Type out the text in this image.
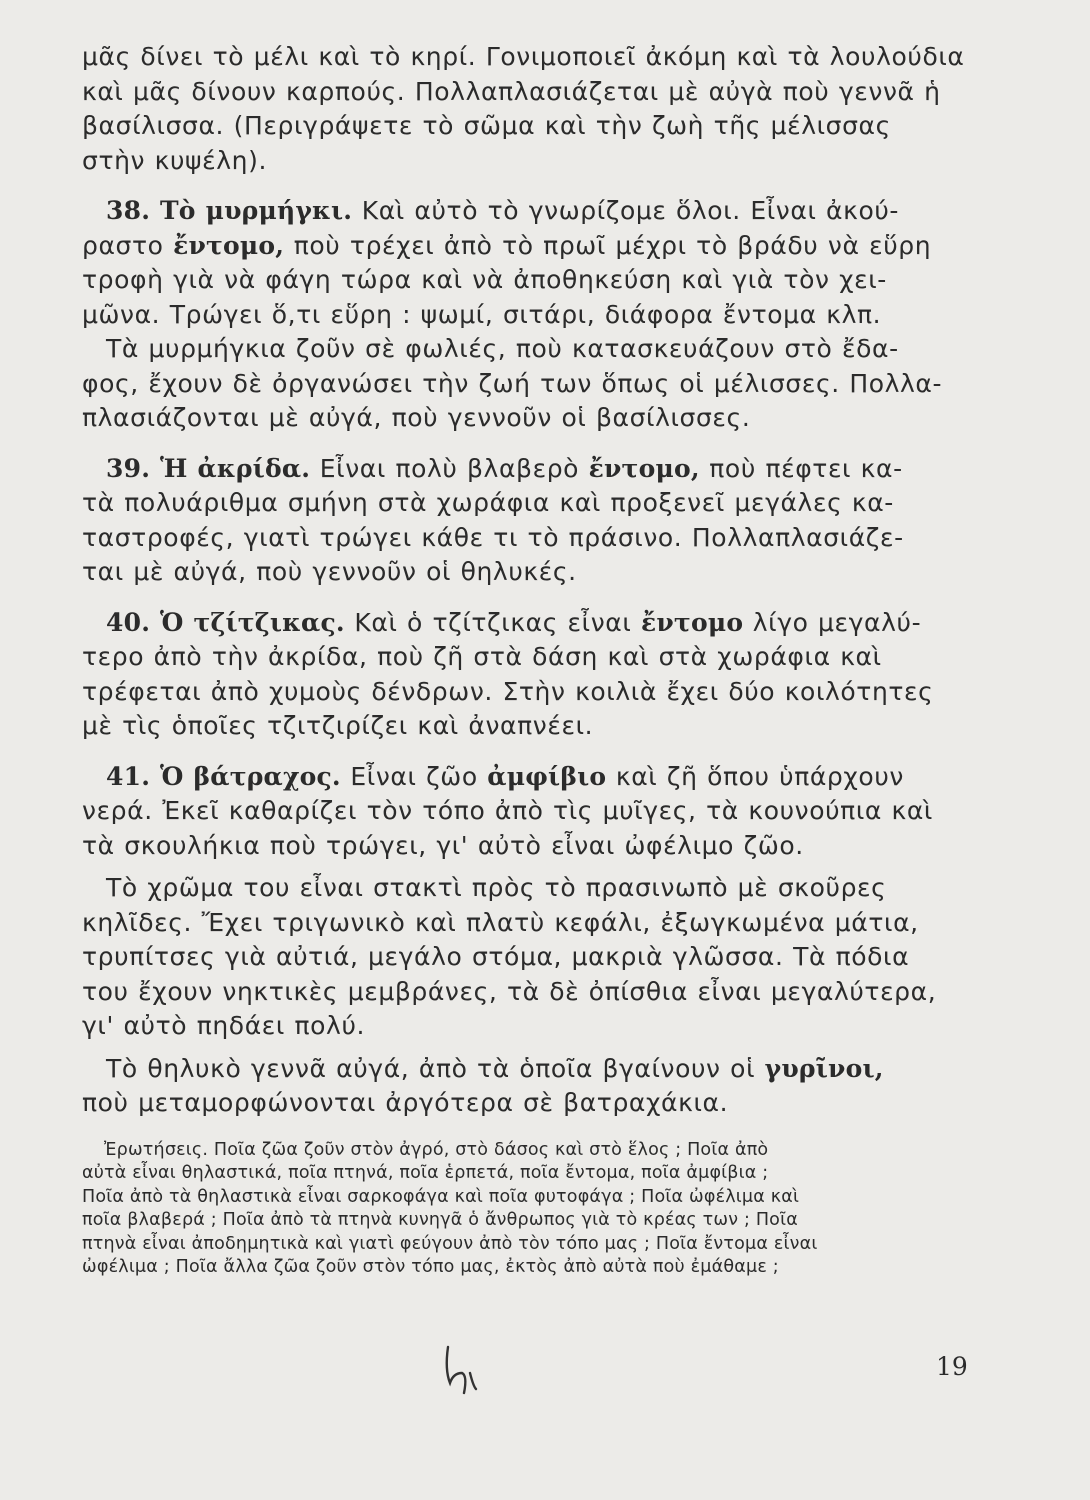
μᾶς δίνει τὸ μέλι καὶ τὸ κηρί. Γονιμοποιεῖ ἀκόμη καὶ τὰ λουλούδια
καὶ μᾶς δίνουν καρπούς. Πολλαπλασιάζεται μὲ αὐγὰ ποὺ γεννᾶ ἡ
βασίλισσα. (Περιγράψετε τὸ σῶμα καὶ τὴν ζωὴ τῆς μέλισσας
στὴν κυψέλη).
38. Τὸ μυρμήγκι. Καὶ αὐτὸ τὸ γνωρίζομε ὅλοι. Εἶναι ἀκού-
ραστο ἔντομο, ποὺ τρέχει ἀπὸ τὸ πρωῖ μέχρι τὸ βράδυ νὰ εὕρη
τροφὴ γιὰ νὰ φάγη τώρα καὶ νὰ ἀποθηκεύση καὶ γιὰ τὸν χει-
μῶνα. Τρώγει ὅ,τι εὕρη : ψωμί, σιτάρι, διάφορα ἔντομα κλπ.
Τὰ μυρμήγκια ζοῦν σὲ φωλιές, ποὺ κατασκευάζουν στὸ ἔδα-
φος, ἔχουν δὲ ὀργανώσει τὴν ζωή των ὅπως οἱ μέλισσες. Πολλα-
πλασιάζονται μὲ αὐγά, ποὺ γεννοῦν οἱ βασίλισσες.
39. Ἡ ἀκρίδα. Εἶναι πολὺ βλαβερὸ ἔντομο, ποὺ πέφτει κα-
τὰ πολυάριθμα σμήνη στὰ χωράφια καὶ προξενεῖ μεγάλες κα-
ταστροφές, γιατὶ τρώγει κάθε τι τὸ πράσινο. Πολλαπλασιάζε-
ται μὲ αὐγά, ποὺ γεννοῦν οἱ θηλυκές.
40. Ὁ τζίτζικας. Καὶ ὁ τζίτζικας εἶναι ἔντομο λίγο μεγαλύ-
τερο ἀπὸ τὴν ἀκρίδα, ποὺ ζῆ στὰ δάση καὶ στὰ χωράφια καὶ
τρέφεται ἀπὸ χυμοὺς δένδρων. Στὴν κοιλιὰ ἔχει δύο κοιλότητες
μὲ τὶς ὁποῖες τζιτζιρίζει καὶ ἀναπνέει.
41. Ὁ βάτραχος. Εἶναι ζῶο ἀμφίβιο καὶ ζῆ ὅπου ὑπάρχουν
νερά. Ἐκεῖ καθαρίζει τὸν τόπο ἀπὸ τὶς μυῖγες, τὰ κουνούπια καὶ
τὰ σκουλήκια ποὺ τρώγει, γι' αὐτὸ εἶναι ὠφέλιμο ζῶο.
Τὸ χρῶμα του εἶναι στακτὶ πρὸς τὸ πρασινωπὸ μὲ σκοῦρες
κηλῖδες. Ἔχει τριγωνικὸ καὶ πλατὺ κεφάλι, ἐξωγκωμένα μάτια,
τρυπίτσες γιὰ αὐτιά, μεγάλο στόμα, μακριὰ γλῶσσα. Τὰ πόδια
του ἔχουν νηκτικὲς μεμβράνες, τὰ δὲ ὀπίσθια εἶναι μεγαλύτερα,
γι' αὐτὸ πηδάει πολύ.
Τὸ θηλυκὸ γεννᾶ αὐγά, ἀπὸ τὰ ὁποῖα βγαίνουν οἱ γυρῖνοι,
ποὺ μεταμορφώνονται ἀργότερα σὲ βατραχάκια.
Ἐρωτήσεις. Ποῖα ζῶα ζοῦν στὸν ἀγρό, στὸ δάσος καὶ στὸ ἕλος ; Ποῖα ἀπὸ
αὐτὰ εἶναι θηλαστικά, ποῖα πτηνά, ποῖα ἑρπετά, ποῖα ἔντομα, ποῖα ἀμφίβια ;
Ποῖα ἀπὸ τὰ θηλαστικὰ εἶναι σαρκοφάγα καὶ ποῖα φυτοφάγα ; Ποῖα ὠφέλιμα καὶ
ποῖα βλαβερά ; Ποῖα ἀπὸ τὰ πτηνὰ κυνηγᾶ ὁ ἄνθρωπος γιὰ τὸ κρέας των ; Ποῖα
πτηνὰ εἶναι ἀποδημητικὰ καὶ γιατὶ φεύγουν ἀπὸ τὸν τόπο μας ; Ποῖα ἔντομα εἶναι
ὠφέλιμα ; Ποῖα ἄλλα ζῶα ζοῦν στὸν τόπο μας, ἐκτὸς ἀπὸ αὐτὰ ποὺ ἐμάθαμε ;
19
